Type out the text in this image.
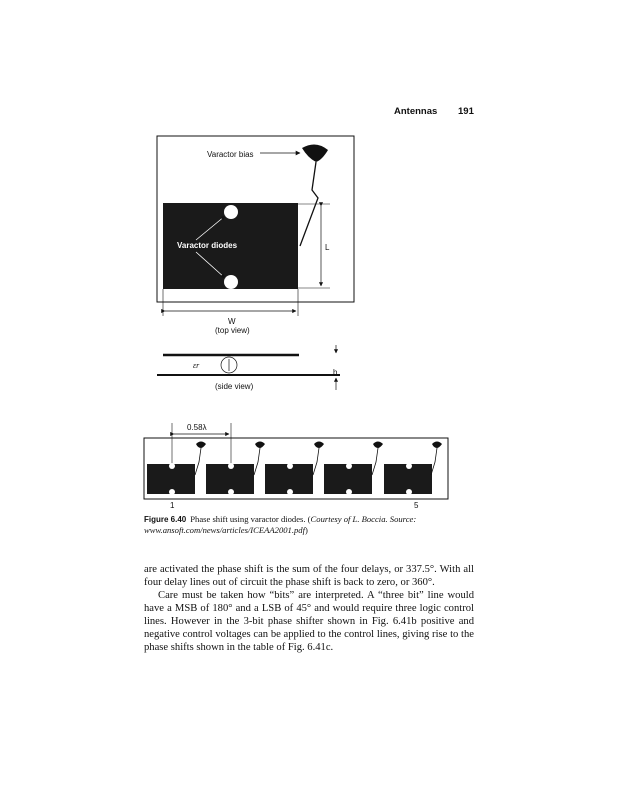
Antennas 191
Varactor bias
Varactor diodes	L
W
(top view)
εr
h
(side view)
0.58λ
1	5
Figure 6.40 Phase shift using varactor diodes. (Courtesy of L. Boccia. Source: www.ansoft.com/news/articles/ICEAA2001.pdf)

are activated the phase shift is the sum of the four delays, or 337.5°. With all four delay lines out of circuit the phase shift is back to zero, or 360°.

Care must be taken how “bits” are interpreted. A “three bit” line would have a MSB of 180° and a LSB of 45° and would require three logic control lines. However in the 3-bit phase shifter shown in Fig. 6.41b positive and negative control voltages can be applied to the control lines, giving rise to the phase shifts shown in the table of Fig. 6.41c.
